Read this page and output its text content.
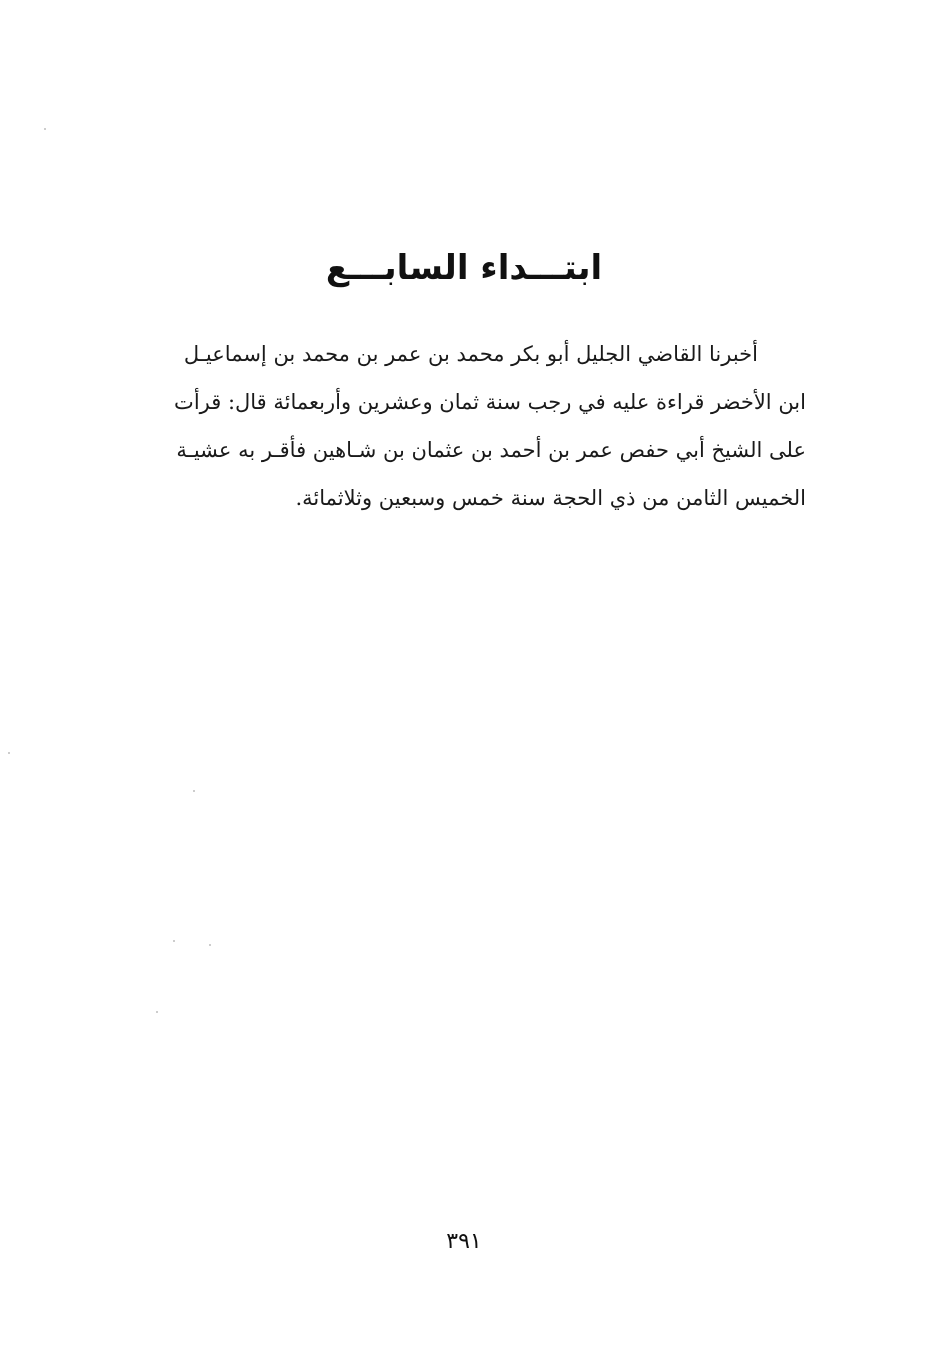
ابتـــداء السابـــع
أخبرنا القاضي الجليل أبو بكر محمد بن عمر بن محمد بن إسماعيـل
ابن الأخضر قراءة عليه في رجب سنة ثمان وعشرين وأربعمائة قال: قرأت
على الشيخ أبي حفص عمر بن أحمد بن عثمان بن شـاهين فأقـر به عشيـة
الخميس الثامن من ذي الحجة سنة خمس وسبعين وثلاثمائة.
٣٩١
